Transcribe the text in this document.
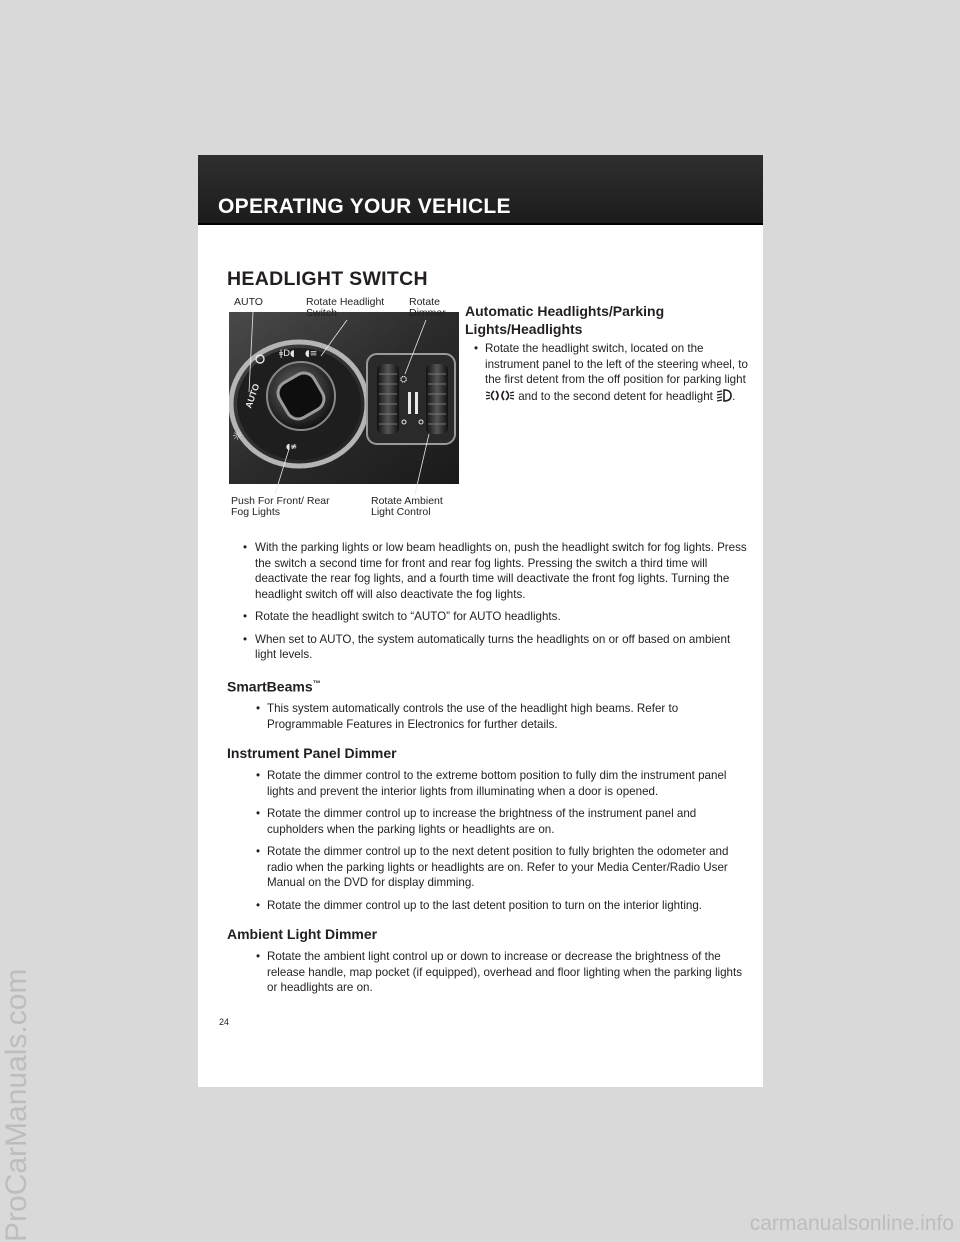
OPERATING YOUR VEHICLE
HEADLIGHT SWITCH
AUTO
☼
ǂD◖ ◖≡
◖≢
⛭
AUTO	Rotate Headlight Switch
Rotate Dimmer
Push For Front/ Rear Fog Lights
Rotate Ambient Light Control
Automatic Headlights/Parking Lights/Headlights
• Rotate the headlight switch, located on the instrument panel to the left of the steering wheel, to the first detent from the off position for parking light  and to the second detent for headlight .
• With the parking lights or low beam headlights on, push the headlight switch for fog lights. Press the switch a second time for front and rear fog lights. Pressing the switch a third time will deactivate the rear fog lights, and a fourth time will deactivate the front fog lights. Turning the headlight switch off will also deactivate the fog lights.
• Rotate the headlight switch to “AUTO” for AUTO headlights.
• When set to AUTO, the system automatically turns the headlights on or off based on ambient light levels.
SmartBeams™
• This system automatically controls the use of the headlight high beams. Refer to Programmable Features in Electronics for further details.
Instrument Panel Dimmer
• Rotate the dimmer control to the extreme bottom position to fully dim the instrument panel lights and prevent the interior lights from illuminating when a door is opened.
• Rotate the dimmer control up to increase the brightness of the instrument panel and cupholders when the parking lights or headlights are on.
• Rotate the dimmer control up to the next detent position to fully brighten the odometer and radio when the parking lights or headlights are on. Refer to your Media Center/Radio User Manual on the DVD for display dimming.
• Rotate the dimmer control up to the last detent position to turn on the interior lighting.
Ambient Light Dimmer
• Rotate the ambient light control up or down to increase or decrease the brightness of the release handle, map pocket (if equipped), overhead and floor lighting when the parking lights or headlights are on.
24
ProCarManuals.com	carmanualsonline.info
